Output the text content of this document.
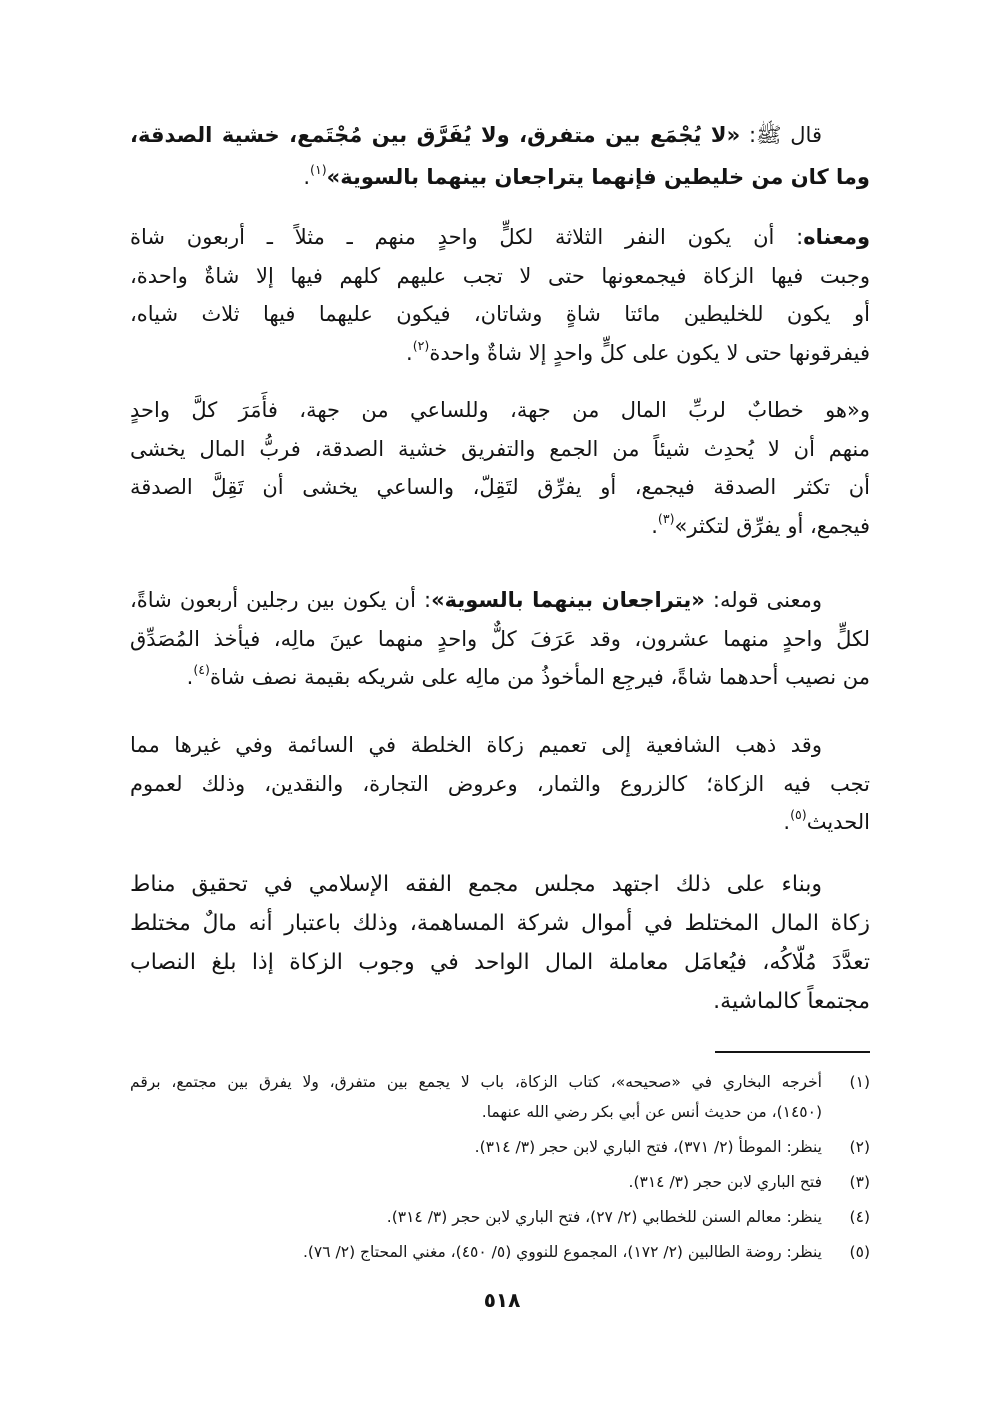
قال ﷺ: «لا يُجْمَع بين متفرق، ولا يُفَرَّق بين مُجْتَمع، خشية الصدقة،
وما كان من خليطين فإنهما يتراجعان بينهما بالسوية»$^{(١)}$.
ومعناه: أن يكون النفر الثلاثة لكلٍّ واحدٍ منهم ـ مثلاً ـ أربعون شاة
وجبت فيها الزكاة فيجمعونها حتى لا تجب عليهم كلهم فيها إلا شاةٌ واحدة،
أو يكون للخليطين مائتا شاةٍ وشاتان، فيكون عليهما فيها ثلاث شياه،
فيفرقونها حتى لا يكون على كلٍّ واحدٍ إلا شاةٌ واحدة$^{(٢)}$.
و«هو خطابٌ لربِّ المال من جهة، وللساعي من جهة، فأَمَرَ كلَّ واحدٍ
منهم أن لا يُحدِث شيئاً من الجمع والتفريق خشية الصدقة، فربُّ المال يخشى
أن تكثر الصدقة فيجمع، أو يفرِّق لتَقِلّ، والساعي يخشى أن تَقِلَّ الصدقة
فيجمع، أو يفرِّق لتكثر»$^{(٣)}$.
ومعنى قوله: «يتراجعان بينهما بالسوية»: أن يكون بين رجلين أربعون شاةً،
لكلٍّ واحدٍ منهما عشرون، وقد عَرَفَ كلٌّ واحدٍ منهما عينَ مالِه، فيأخذ المُصَدِّق
من نصيب أحدهما شاةً، فيرجِع المأخوذُ من مالِه على شريكه بقيمة نصف شاة$^{(٤)}$.
وقد ذهب الشافعية إلى تعميم زكاة الخلطة في السائمة وفي غيرها مما
تجب فيه الزكاة؛ كالزروع والثمار، وعروض التجارة، والنقدين، وذلك لعموم
الحديث$^{(٥)}$.
وبناء على ذلك اجتهد مجلس مجمع الفقه الإسلامي في تحقيق مناط
زكاة المال المختلط في أموال شركة المساهمة، وذلك باعتبار أنه مالٌ مختلط
تعدَّدَ مُلّاكُه، فيُعامَل معاملة المال الواحد في وجوب الزكاة إذا بلغ النصاب
مجتمعاً كالماشية.
(١)
أخرجه البخاري في «صحيحه»، كتاب الزكاة، باب لا يجمع بين متفرق، ولا يفرق بين مجتمع، برقم
(١٤٥٠)، من حديث أنس عن أبي بكر رضي الله عنهما.
(٢)
ينظر: الموطأ (٢/ ٣٧١)، فتح الباري لابن حجر (٣/ ٣١٤).
(٣)
فتح الباري لابن حجر (٣/ ٣١٤).
(٤)
ينظر: معالم السنن للخطابي (٢/ ٢٧)، فتح الباري لابن حجر (٣/ ٣١٤).
(٥)
ينظر: روضة الطالبين (٢/ ١٧٢)، المجموع للنووي (٥/ ٤٥٠)، مغني المحتاج (٢/ ٧٦).
٥١٨
